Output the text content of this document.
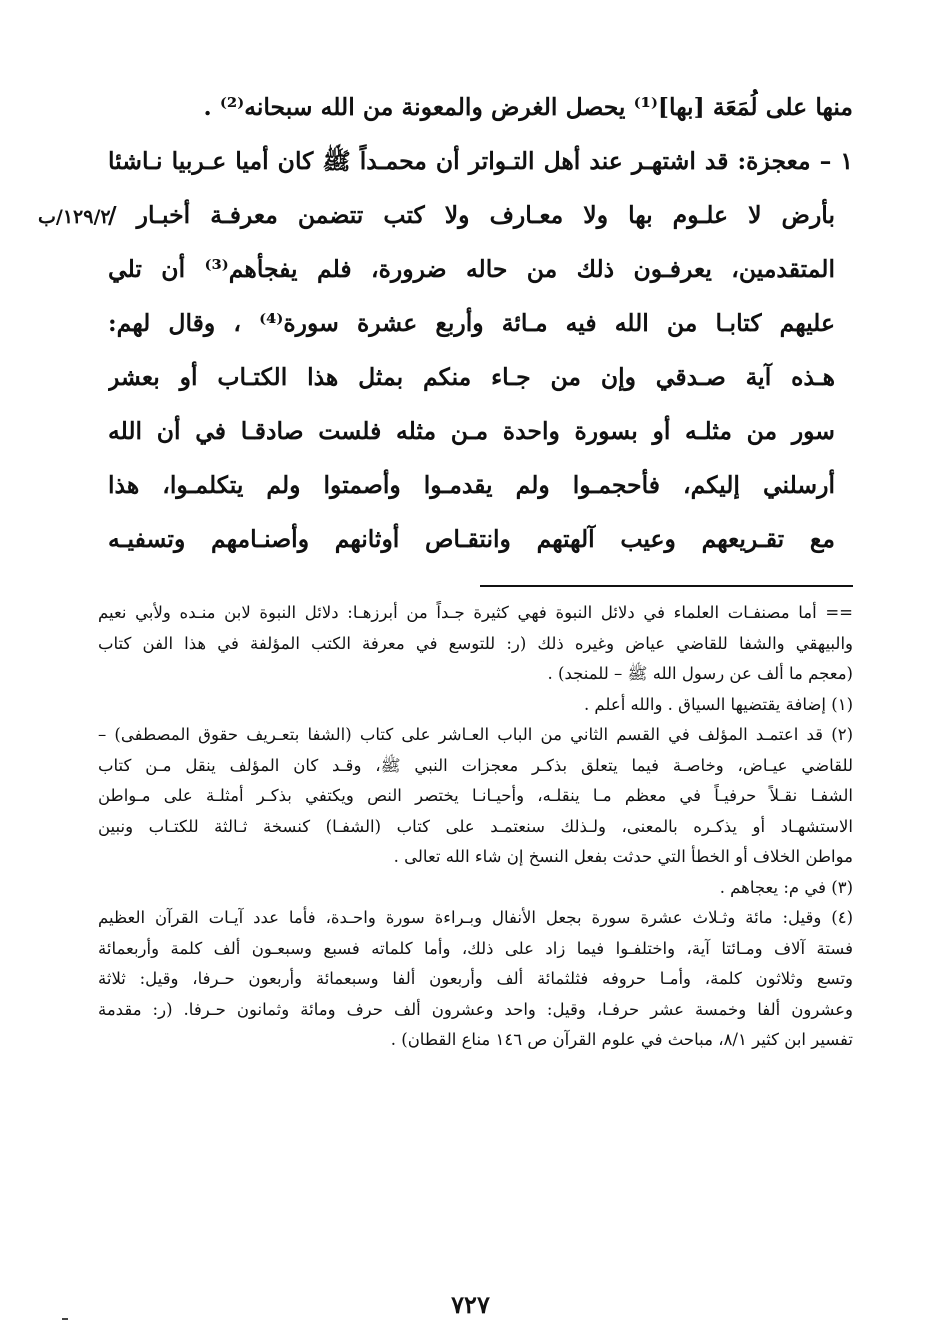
منها على لُمَعَة [بها]⁽¹⁾ يحصل الغرض والمعونة من الله سبحانه⁽²⁾ .
١ – معجزة: قد اشتهـر عند أهل التـواتر أن محمـداً ﷺ كان أميا عـربيا نـاشئا
بأرض لا علـوم بها ولا معـارف ولا كتب تتضمن معرفـة أخبـار /
المتقدمين، يعرفـون ذلك من حاله ضرورة، فلم يفجأهم⁽³⁾ أن تلي
عليهم كتابـا من الله فيه مـائة وأربع عشرة سورة⁽⁴⁾ ، وقال لهم:
هـذه آية صـدقي وإن من جـاء منكم بمثل هذا الكتـاب أو بعشر
سور من مثلـه أو بسورة واحدة مـن مثله فلست صادقـا في أن الله
أرسلني إليكم، فأحجمـوا ولم يقدمـوا وأصمتوا ولم يتكلمـوا، هذا
مع تقـريعهم وعيب آلهتهم وانتقـاص أوثانهم وأصنـامهم وتسفيـه
١٢٩/٢/ب
== أما مصنفـات العلماء في دلائل النبوة فهي كثيرة جـداً من أبرزهـا: دلائل النبوة لابن منـده ولأبي نعيم
والبيهقي والشفا للقاضي عياض وغيره ذلك (ر: للتوسع في معرفة الكتب المؤلفة في هذا الفن كتاب
(معجم ما ألف عن رسول الله ﷺ – للمنجد) .
(١) إضافة يقتضيها السياق . والله أعلم .
(٢) قد اعتمـد المؤلف في القسم الثاني من الباب العـاشر على كتاب (الشفا بتعـريف حقوق المصطفى) –
للقاضي عيـاض، وخاصـة فيما يتعلق بذكـر معجزات النبي ﷺ، وقـد كان المؤلف ينقل مـن كتاب
الشفـا نقـلاً حرفيـاً في معظم مـا ينقلـه، وأحيـانـا يختصر النص ويكتفي بذكـر أمثلـة على مـواطن
الاستشهـاد أو يذكـره بالمعنى، ولـذلك سنعتمـد على كتاب (الشفـا) كنسخة ثـالثة للكتـاب ونبين
مواطن الخلاف أو الخطأ التي حدثت بفعل النسخ إن شاء الله تعالى .
(٣) في م: يعجاهم .
(٤) وقيل: مائة وثـلاث عشرة سورة بجعل الأنفال وبـراءة سورة واحـدة، فأما عدد آيـات القرآن العظيم
فستة آلاف ومـائتا آية، واختلفـوا فيما زاد على ذلك، وأما كلماته فسبع وسبعـون ألف كلمة وأربعمائة
وتسع وثلاثون كلمة، وأمـا حروفه فثلثمائة ألف وأربعون ألفا وسبعمائة وأربعون حـرفا، وقيل: ثلاثة
وعشرون ألفا وخمسة عشر حرفـا، وقيل: واحد وعشرون ألف حرف ومائة وثمانون حـرفا. (ر: مقدمة
تفسير ابن كثير ٨/١، مباحث في علوم القرآن ص ١٤٦ مناع القطان) .
٧٢٧
